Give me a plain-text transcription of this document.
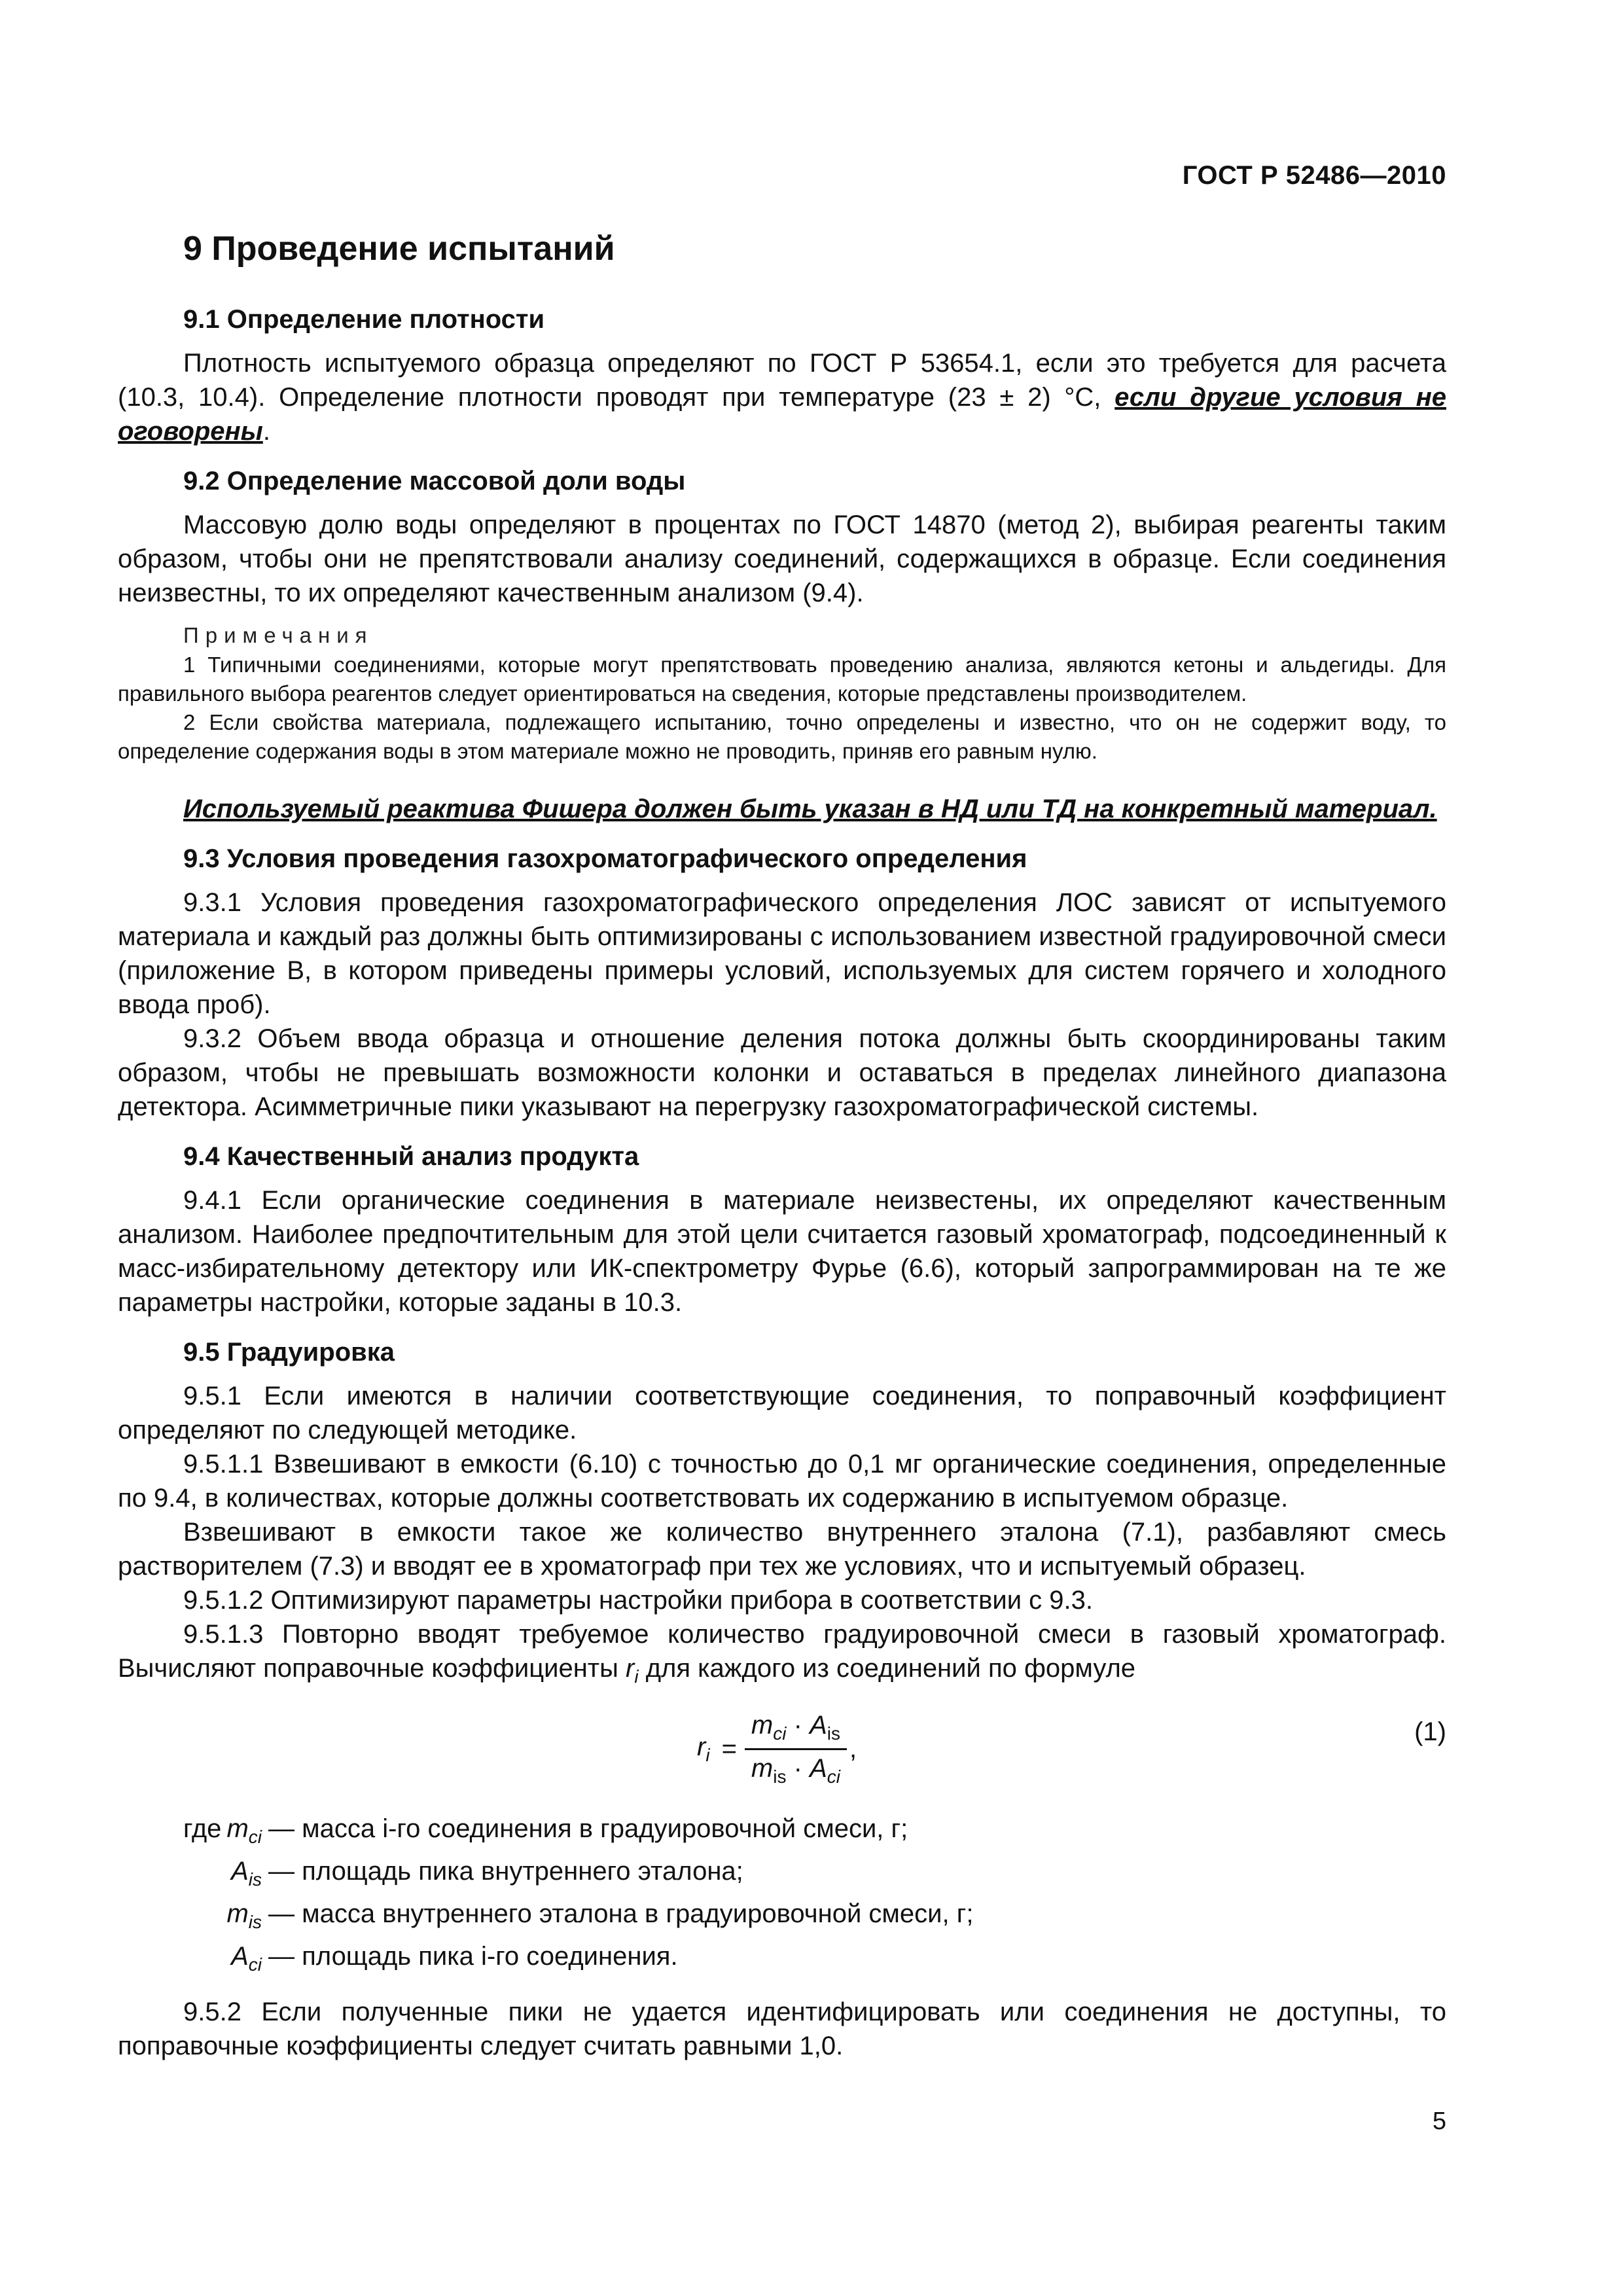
ГОСТ Р 52486—2010
9 Проведение испытаний
9.1 Определение плотности

Плотность испытуемого образца определяют по ГОСТ Р 53654.1, если это требуется для расчета (10.3, 10.4). Определение плотности проводят при температуре (23 ± 2) °С, если другие условия не оговорены.

9.2 Определение массовой доли воды

Массовую долю воды определяют в процентах по ГОСТ 14870 (метод 2), выбирая реагенты таким образом, чтобы они не препятствовали анализу соединений, содержащихся в образце. Если соединения неизвестны, то их определяют качественным анализом (9.4).

Примечания

1 Типичными соединениями, которые могут препятствовать проведению анализа, являются кетоны и альдегиды. Для правильного выбора реагентов следует ориентироваться на сведения, которые представлены производителем.

2 Если свойства материала, подлежащего испытанию, точно определены и известно, что он не содержит воду, то определение содержания воды в этом материале можно не проводить, приняв его равным нулю.

Используемый реактива Фишера должен быть указан в НД или ТД на конкретный материал.

9.3 Условия проведения газохроматографического определения

9.3.1 Условия проведения газохроматографического определения ЛОС зависят от испытуемого материала и каждый раз должны быть оптимизированы с использованием известной градуировочной смеси (приложение В, в котором приведены примеры условий, используемых для систем горячего и холодного ввода проб).

9.3.2 Объем ввода образца и отношение деления потока должны быть скоординированы таким образом, чтобы не превышать возможности колонки и оставаться в пределах линейного диапазона детектора. Асимметричные пики указывают на перегрузку газохроматографической системы.

9.4 Качественный анализ продукта

9.4.1 Если органические соединения в материале неизвестены, их определяют качественным анализом. Наиболее предпочтительным для этой цели считается газовый хроматограф, подсоединенный к масс-избирательному детектору или ИК-спектрометру Фурье (6.6), который запрограммирован на те же параметры настройки, которые заданы в 10.3.

9.5 Градуировка

9.5.1 Если имеются в наличии соответствующие соединения, то поправочный коэффициент определяют по следующей методике.

9.5.1.1 Взвешивают в емкости (6.10) с точностью до 0,1 мг органические соединения, определенные по 9.4, в количествах, которые должны соответствовать их содержанию в испытуемом образце.

Взвешивают в емкости такое же количество внутреннего эталона (7.1), разбавляют смесь растворителем (7.3) и вводят ее в хроматограф при тех же условиях, что и испытуемый образец.

9.5.1.2 Оптимизируют параметры настройки прибора в соответствии с 9.3.

9.5.1.3 Повторно вводят требуемое количество градуировочной смеси в газовый хроматограф. Вычисляют поправочные коэффициенты $r_i$ для каждого из соединений по формуле

$r_i = \frac{m_{ci} \cdot A_{is}}{m_{is} \cdot A_{ci}}$ ,
(1)
где $m_{ci}$ — масса i-го соединения в градуировочной смеси, г;
$A_{is}$ — площадь пика внутреннего эталона;
$m_{is}$ — масса внутреннего эталона в градуировочной смеси, г;
$A_{ci}$ — площадь пика i-го соединения.

9.5.2 Если полученные пики не удается идентифицировать или соединения не доступны, то поправочные коэффициенты следует считать равными 1,0.

5
